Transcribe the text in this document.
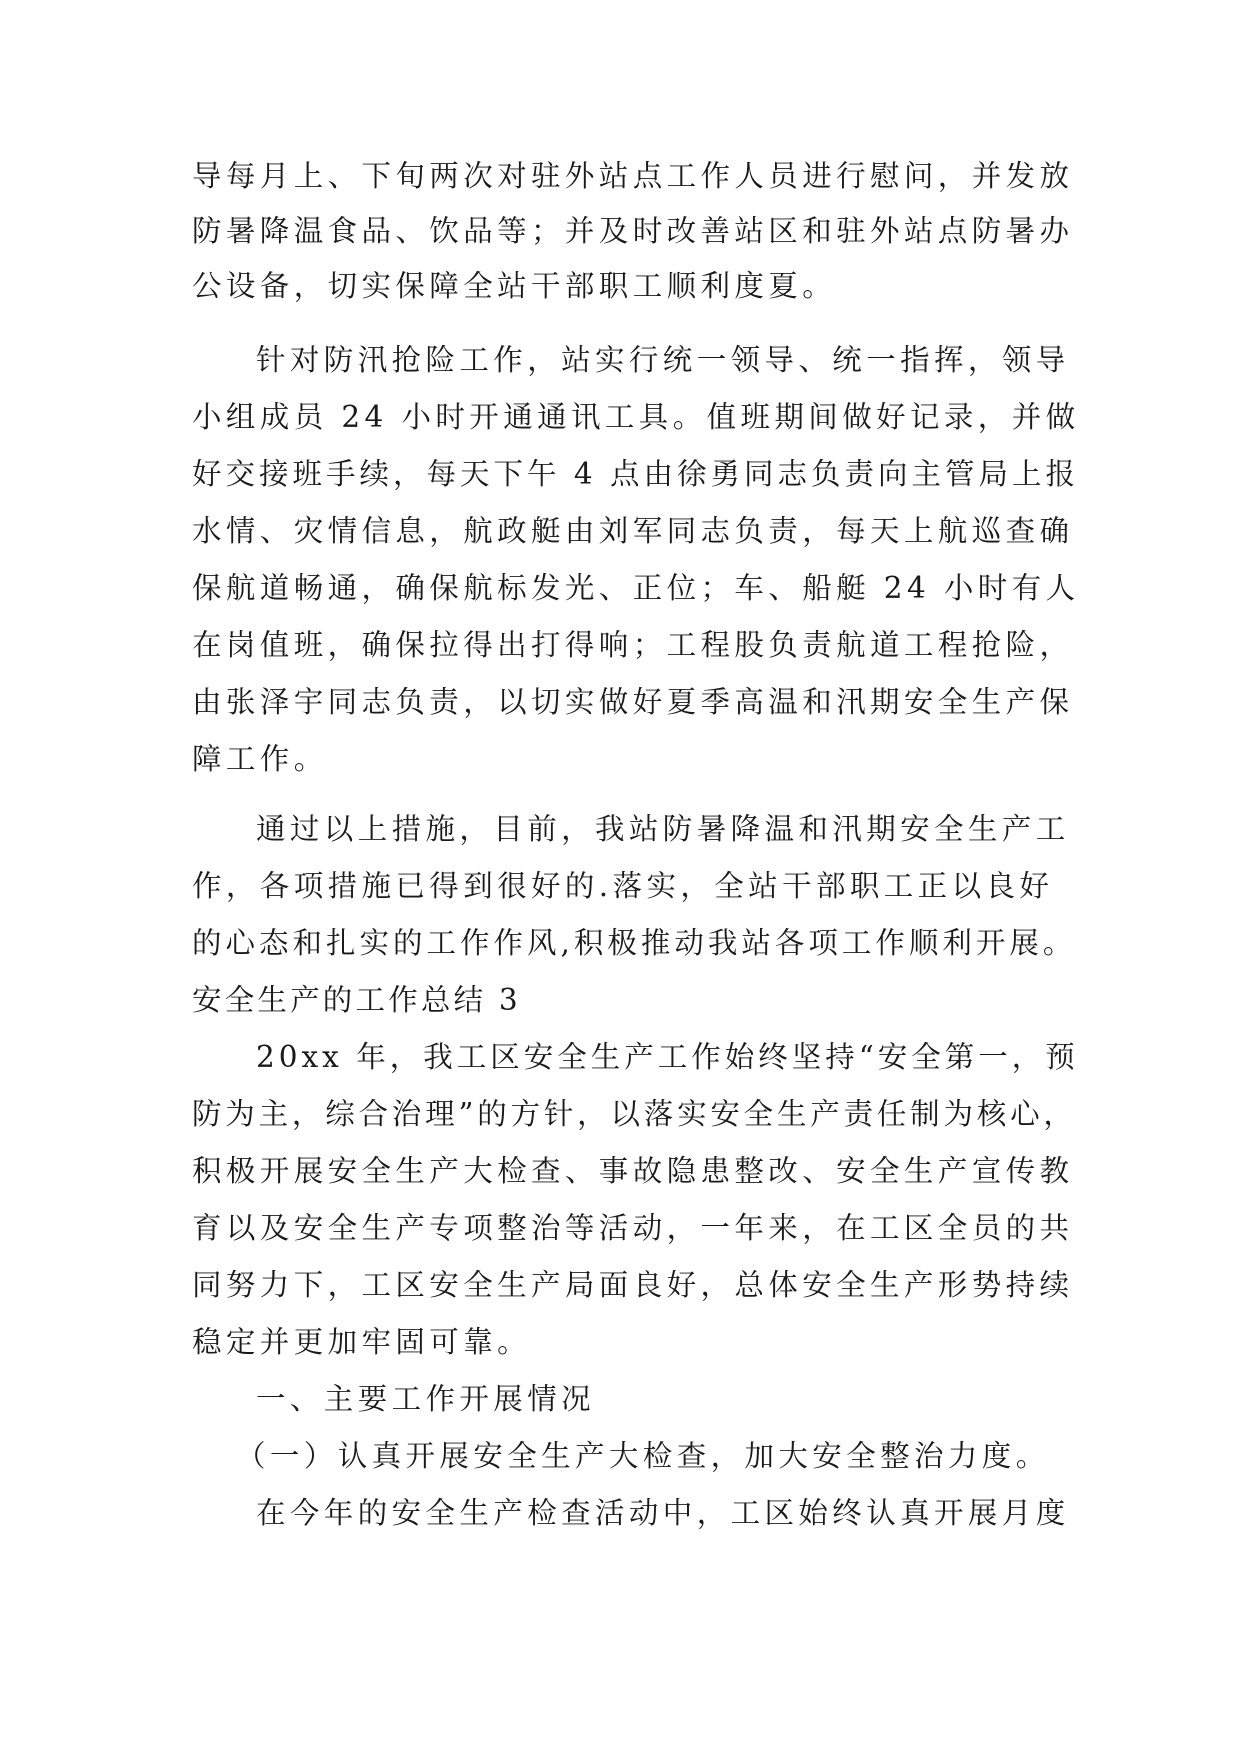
导每月上、下旬两次对驻外站点工作人员进行慰问，并发放
防暑降温食品、饮品等；并及时改善站区和驻外站点防暑办
公设备，切实保障全站干部职工顺利度夏。
针对防汛抢险工作，站实行统一领导、统一指挥，领导
小组成员 24 小时开通通讯工具。值班期间做好记录，并做
好交接班手续，每天下午 4 点由徐勇同志负责向主管局上报
水情、灾情信息，航政艇由刘军同志负责，每天上航巡查确
保航道畅通，确保航标发光、正位；车、船艇 24 小时有人
在岗值班，确保拉得出打得响；工程股负责航道工程抢险，
由张泽宇同志负责，以切实做好夏季高温和汛期安全生产保
障工作。
通过以上措施，目前，我站防暑降温和汛期安全生产工
作，各项措施已得到很好的.落实，全站干部职工正以良好
的心态和扎实的工作作风,积极推动我站各项工作顺利开展。
安全生产的工作总结 3
20xx 年，我工区安全生产工作始终坚持“安全第一，预
防为主，综合治理”的方针，以落实安全生产责任制为核心，
积极开展安全生产大检查、事故隐患整改、安全生产宣传教
育以及安全生产专项整治等活动，一年来，在工区全员的共
同努力下，工区安全生产局面良好，总体安全生产形势持续
稳定并更加牢固可靠。
一、主要工作开展情况
（一）认真开展安全生产大检查，加大安全整治力度。
在今年的安全生产检查活动中，工区始终认真开展月度
